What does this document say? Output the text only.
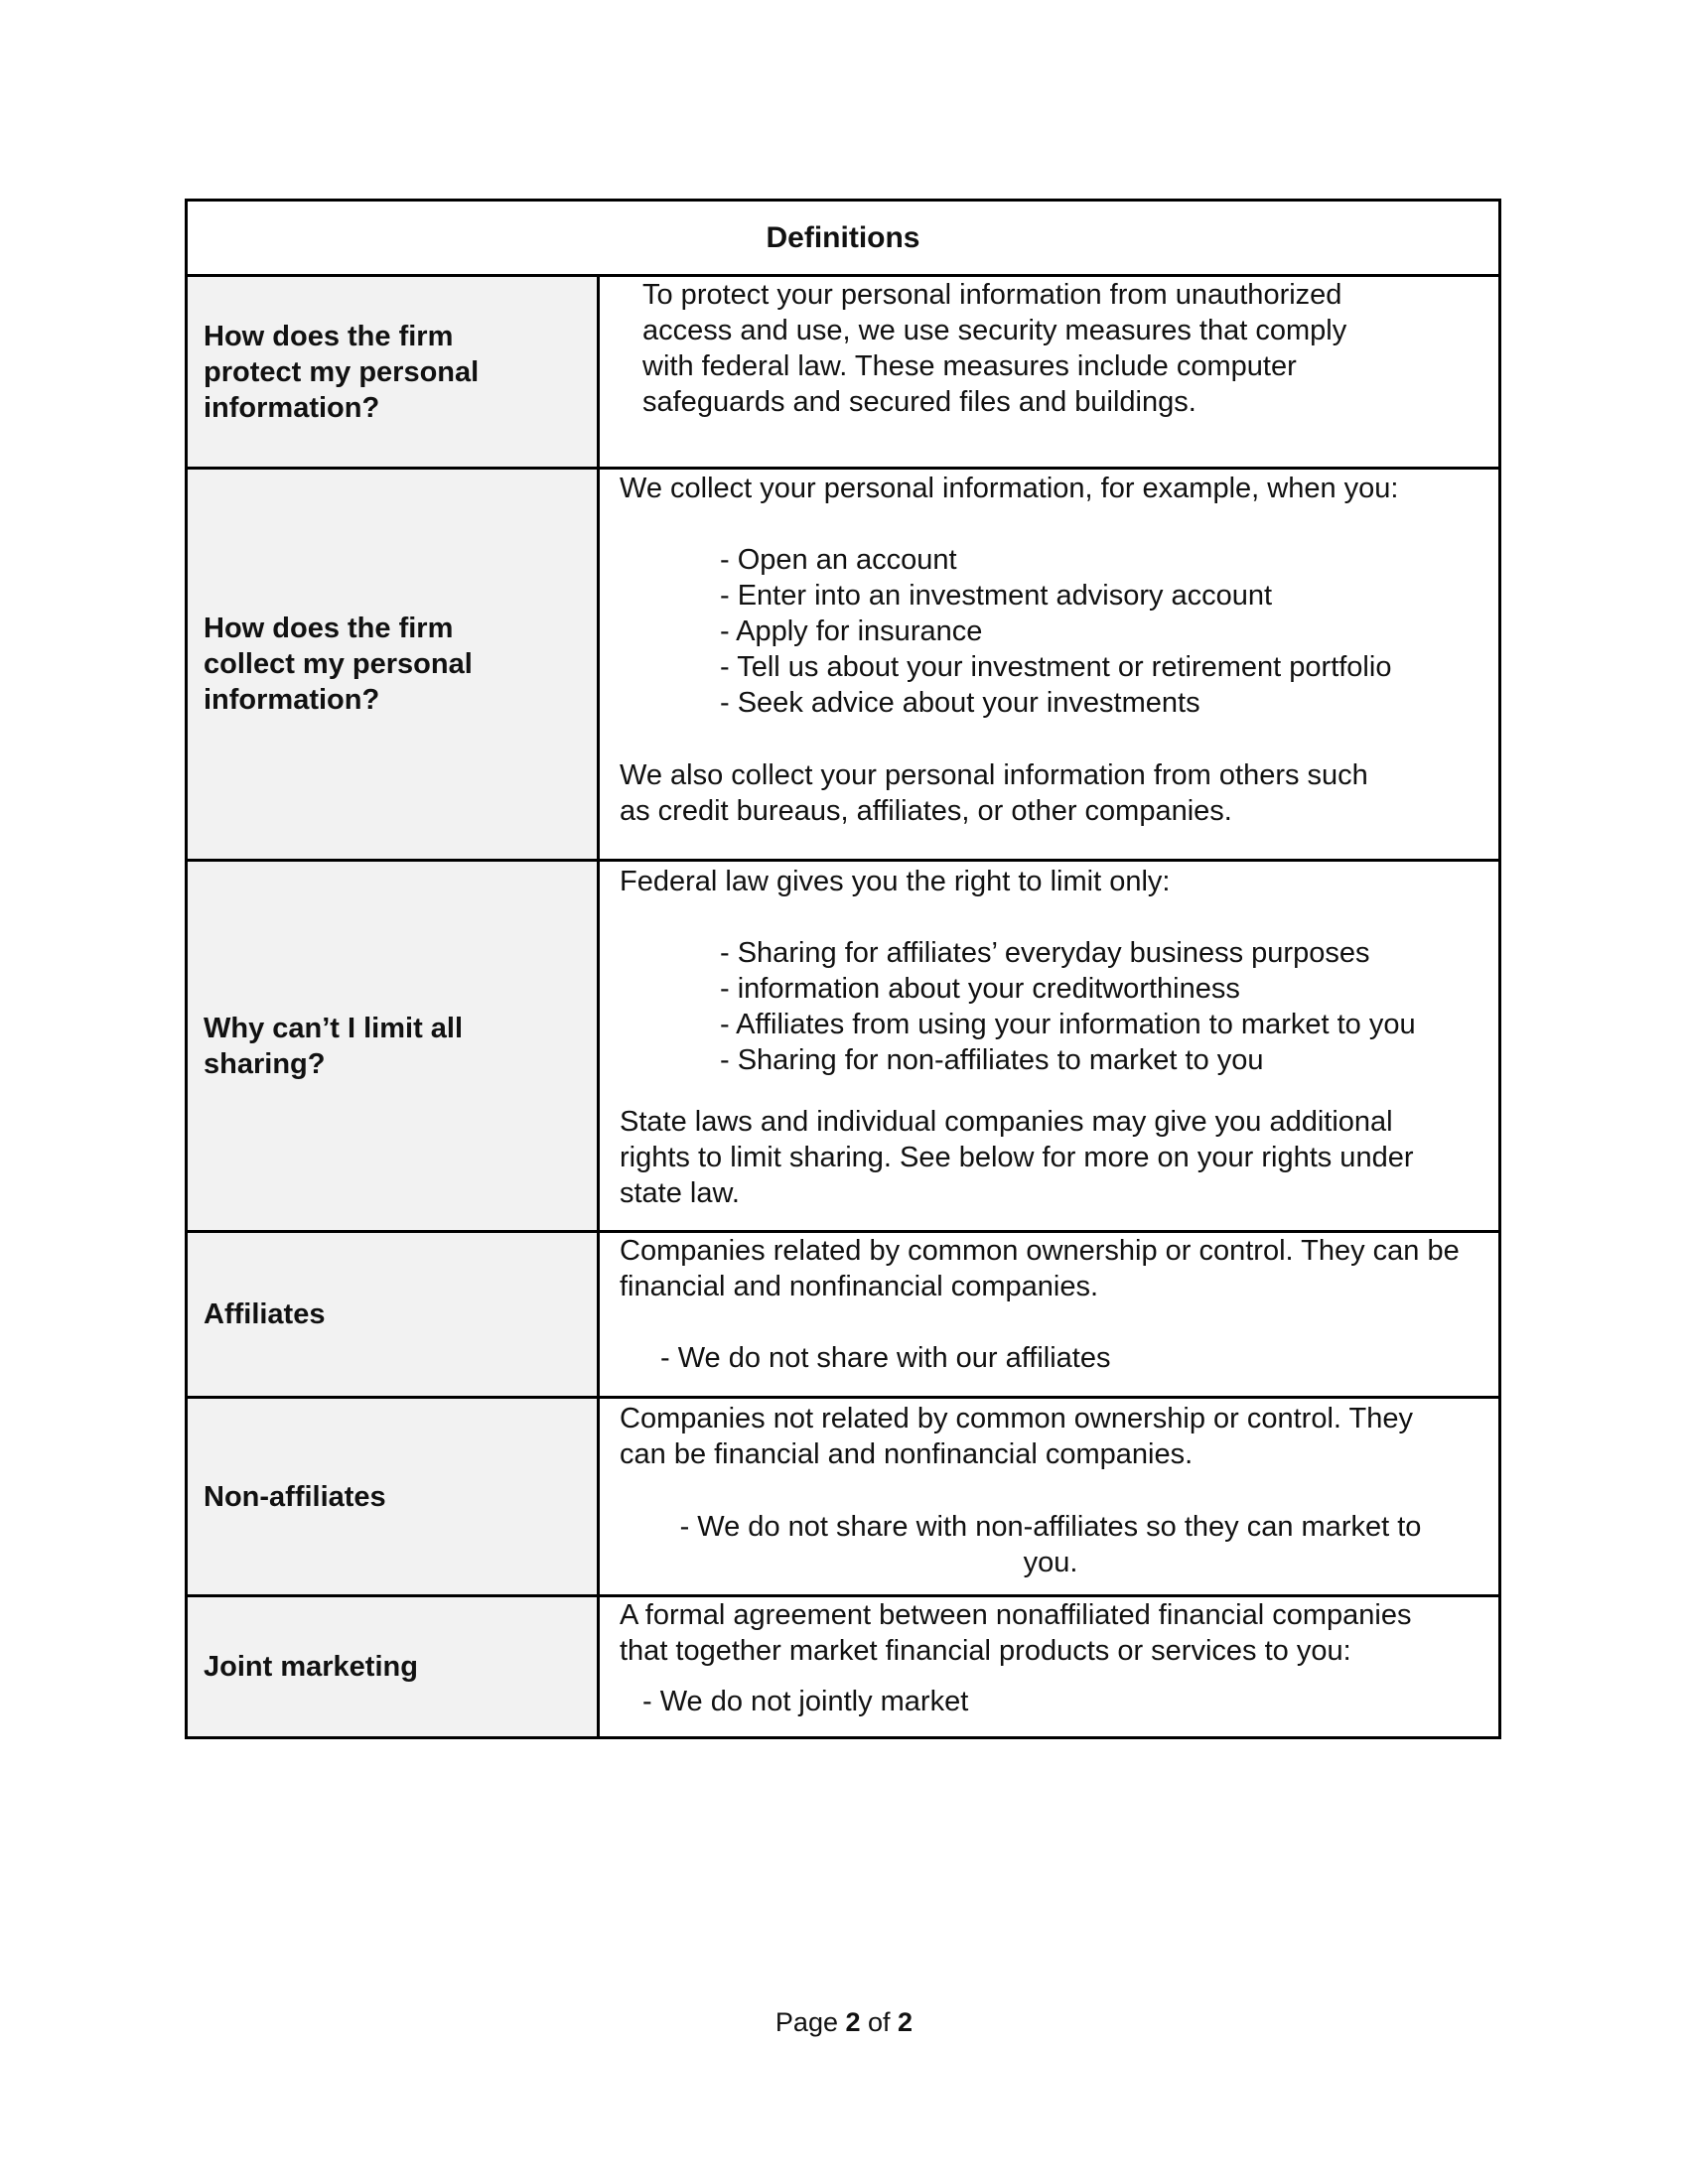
Definitions
How does the firm
protect my personal
information?

To protect your personal information from unauthorized
access and use, we use security measures that comply
with federal law. These measures include computer
safeguards and secured files and buildings.

How does the firm
collect my personal
information?

We collect your personal information, for example, when you:

- Open an account
- Enter into an investment advisory account
- Apply for insurance
- Tell us about your investment or retirement portfolio
- Seek advice about your investments

We also collect your personal information from others such
as credit bureaus, affiliates, or other companies.

Why can’t I limit all
sharing?

Federal law gives you the right to limit only:

- Sharing for affiliates’ everyday business purposes
- information about your creditworthiness
- Affiliates from using your information to market to you
- Sharing for non-affiliates to market to you

State laws and individual companies may give you additional
rights to limit sharing. See below for more on your rights under
state law.

Affiliates

Companies related by common ownership or control. They can be
financial and nonfinancial companies.

- We do not share with our affiliates

Non-affiliates

Companies not related by common ownership or control. They
can be financial and nonfinancial companies.

- We do not share with non-affiliates so they can market to
you.

Joint marketing

A formal agreement between nonaffiliated financial companies
that together market financial products or services to you:

- We do not jointly market

Page 2 of 2
